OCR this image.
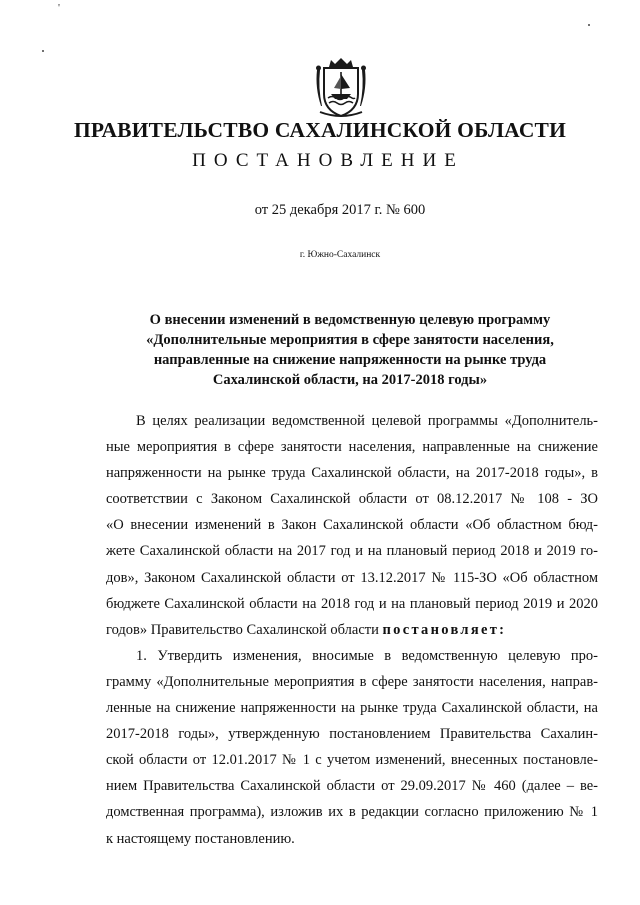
'
ПРАВИТЕЛЬСТВО САХАЛИНСКОЙ ОБЛАСТИ
ПОСТАНОВЛЕНИЕ
от 25 декабря 2017 г. № 600
г. Южно-Сахалинск
О внесении изменений в ведомственную целевую программу
«Дополнительные мероприятия в сфере занятости населения,
направленные на снижение напряженности на рынке труда
Сахалинской области, на 2017-2018 годы»
В целях реализации ведомственной целевой программы «Дополнитель-
ные мероприятия в сфере занятости населения, направленные на снижение
напряженности на рынке труда Сахалинской области, на 2017-2018 годы», в
соответствии с Законом Сахалинской области от 08.12.2017 № 108 - ЗО
«О внесении изменений в Закон Сахалинской области «Об областном бюд-
жете Сахалинской области на 2017 год и на плановый период 2018 и 2019 го-
дов», Законом Сахалинской области от 13.12.2017 № 115-ЗО «Об областном
бюджете Сахалинской области на 2018 год и на плановый период 2019 и 2020
годов» Правительство Сахалинской области постановляет:
1. Утвердить изменения, вносимые в ведомственную целевую про-
грамму «Дополнительные мероприятия в сфере занятости населения, направ-
ленные на снижение напряженности на рынке труда Сахалинской области, на
2017-2018 годы», утвержденную постановлением Правительства Сахалин-
ской области от 12.01.2017 № 1 с учетом изменений, внесенных постановле-
нием Правительства Сахалинской области от 29.09.2017 № 460 (далее – ве-
домственная программа), изложив их в редакции согласно приложению № 1
к настоящему постановлению.
